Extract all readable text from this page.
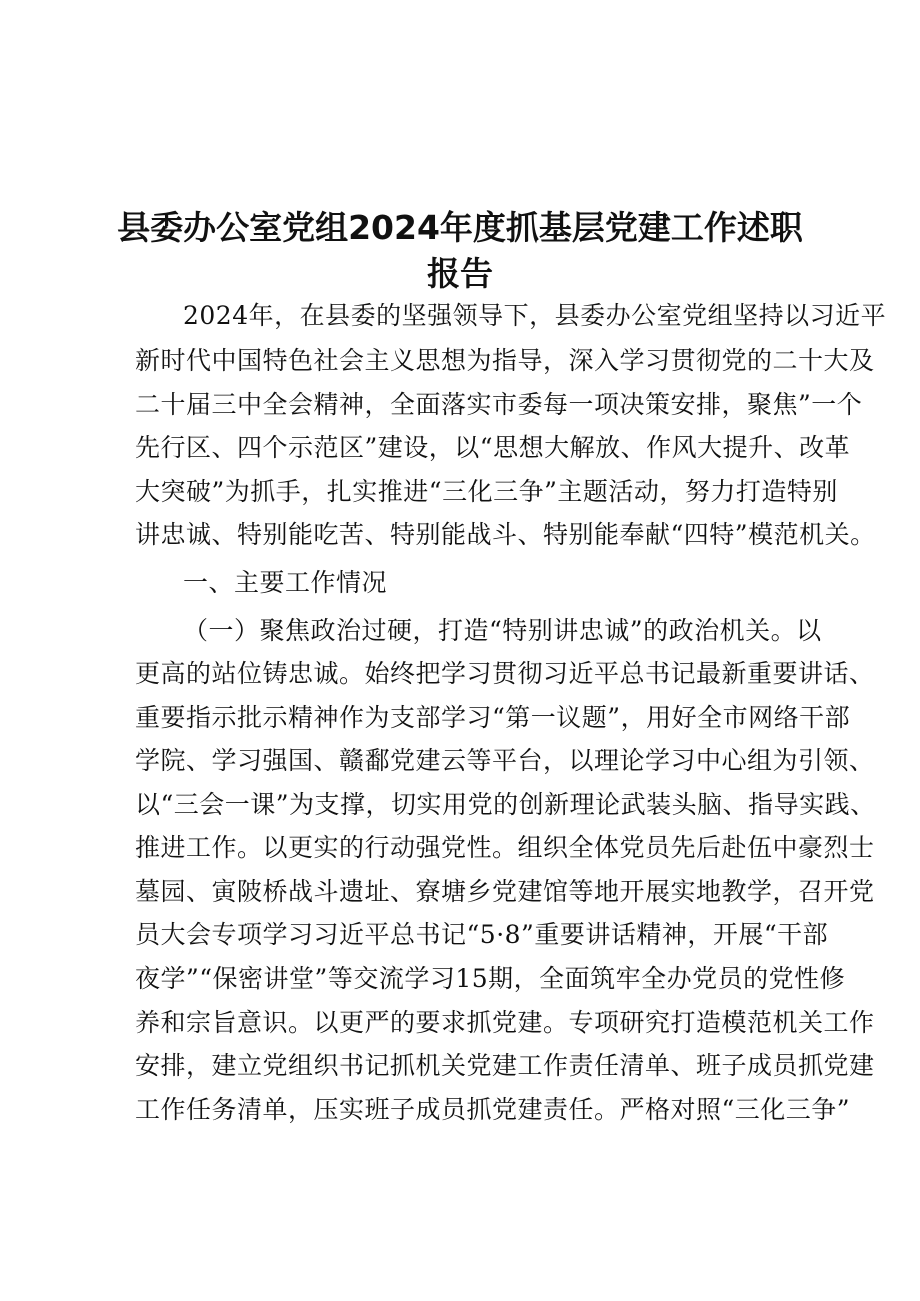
县委办公室党组2024年度抓基层党建工作述职
报告
2024年，在县委的坚强领导下，县委办公室党组坚持以习近平
新时代中国特色社会主义思想为指导，深入学习贯彻党的二十大及
二十届三中全会精神，全面落实市委每一项决策安排，聚焦”一个
先行区、四个示范区”建设，以“思想大解放、作风大提升、改革
大突破”为抓手，扎实推进“三化三争”主题活动，努力打造特别
讲忠诚、特别能吃苦、特别能战斗、特别能奉献“四特”模范机关。
一、主要工作情况
（一）聚焦政治过硬，打造“特别讲忠诚”的政治机关。以
更高的站位铸忠诚。始终把学习贯彻习近平总书记最新重要讲话、
重要指示批示精神作为支部学习“第一议题”，用好全市网络干部
学院、学习强国、赣鄱党建云等平台，以理论学习中心组为引领、
以“三会一课”为支撑，切实用党的创新理论武装头脑、指导实践、
推进工作。以更实的行动强党性。组织全体党员先后赴伍中豪烈士
墓园、寅陂桥战斗遗址、寮塘乡党建馆等地开展实地教学，召开党
员大会专项学习习近平总书记“5·8”重要讲话精神，开展“干部
夜学”“保密讲堂”等交流学习15期，全面筑牢全办党员的党性修
养和宗旨意识。以更严的要求抓党建。专项研究打造模范机关工作
安排，建立党组织书记抓机关党建工作责任清单、班子成员抓党建
工作任务清单，压实班子成员抓党建责任。严格对照“三化三争”
